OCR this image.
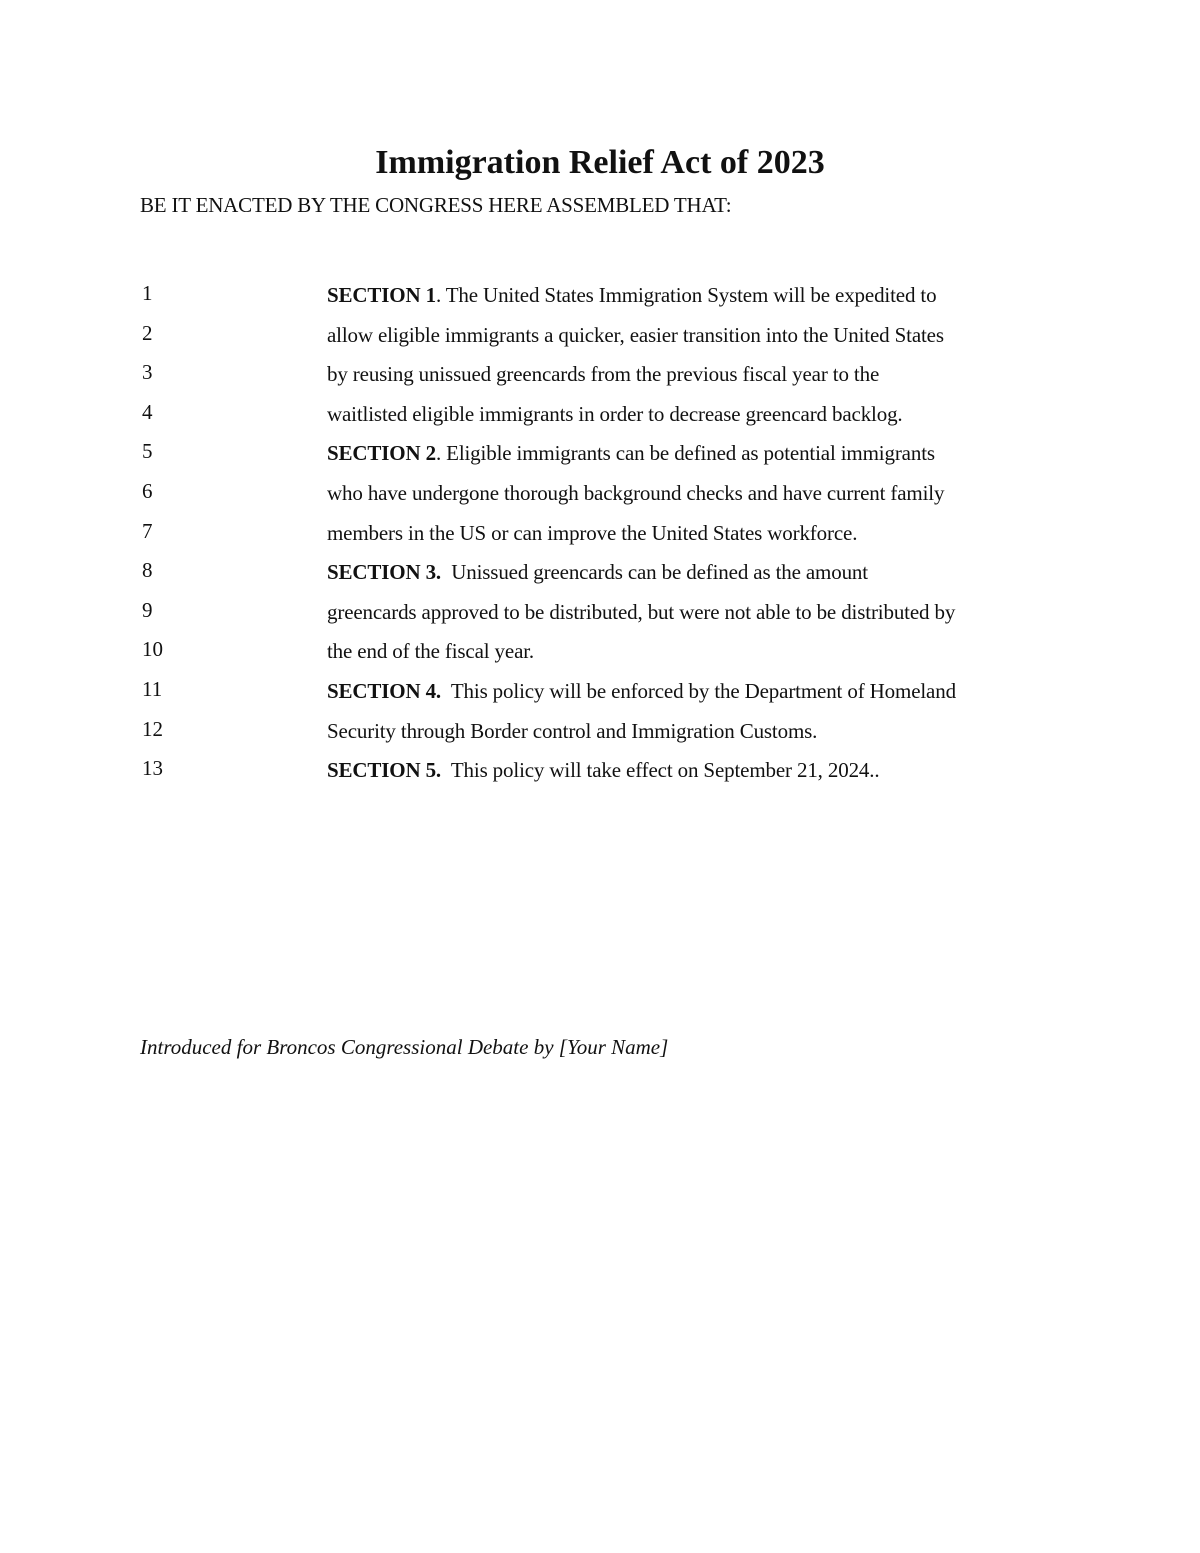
Immigration Relief Act of 2023
BE IT ENACTED BY THE CONGRESS HERE ASSEMBLED THAT:
1	SECTION 1. The United States Immigration System will be expedited to
2	allow eligible immigrants a quicker, easier transition into the United States
3	by reusing unissued greencards from the previous fiscal year to the
4	waitlisted eligible immigrants in order to decrease greencard backlog.
5	SECTION 2. Eligible immigrants can be defined as potential immigrants
6	who have undergone thorough background checks and have current family
7	members in the US or can improve the United States workforce.
8	SECTION 3.  Unissued greencards can be defined as the amount
9	greencards approved to be distributed, but were not able to be distributed by
10	the end of the fiscal year.
11	SECTION 4.  This policy will be enforced by the Department of Homeland
12	Security through Border control and Immigration Customs.
13	SECTION 5.  This policy will take effect on September 21, 2024..
Introduced for Broncos Congressional Debate by [Your Name]
